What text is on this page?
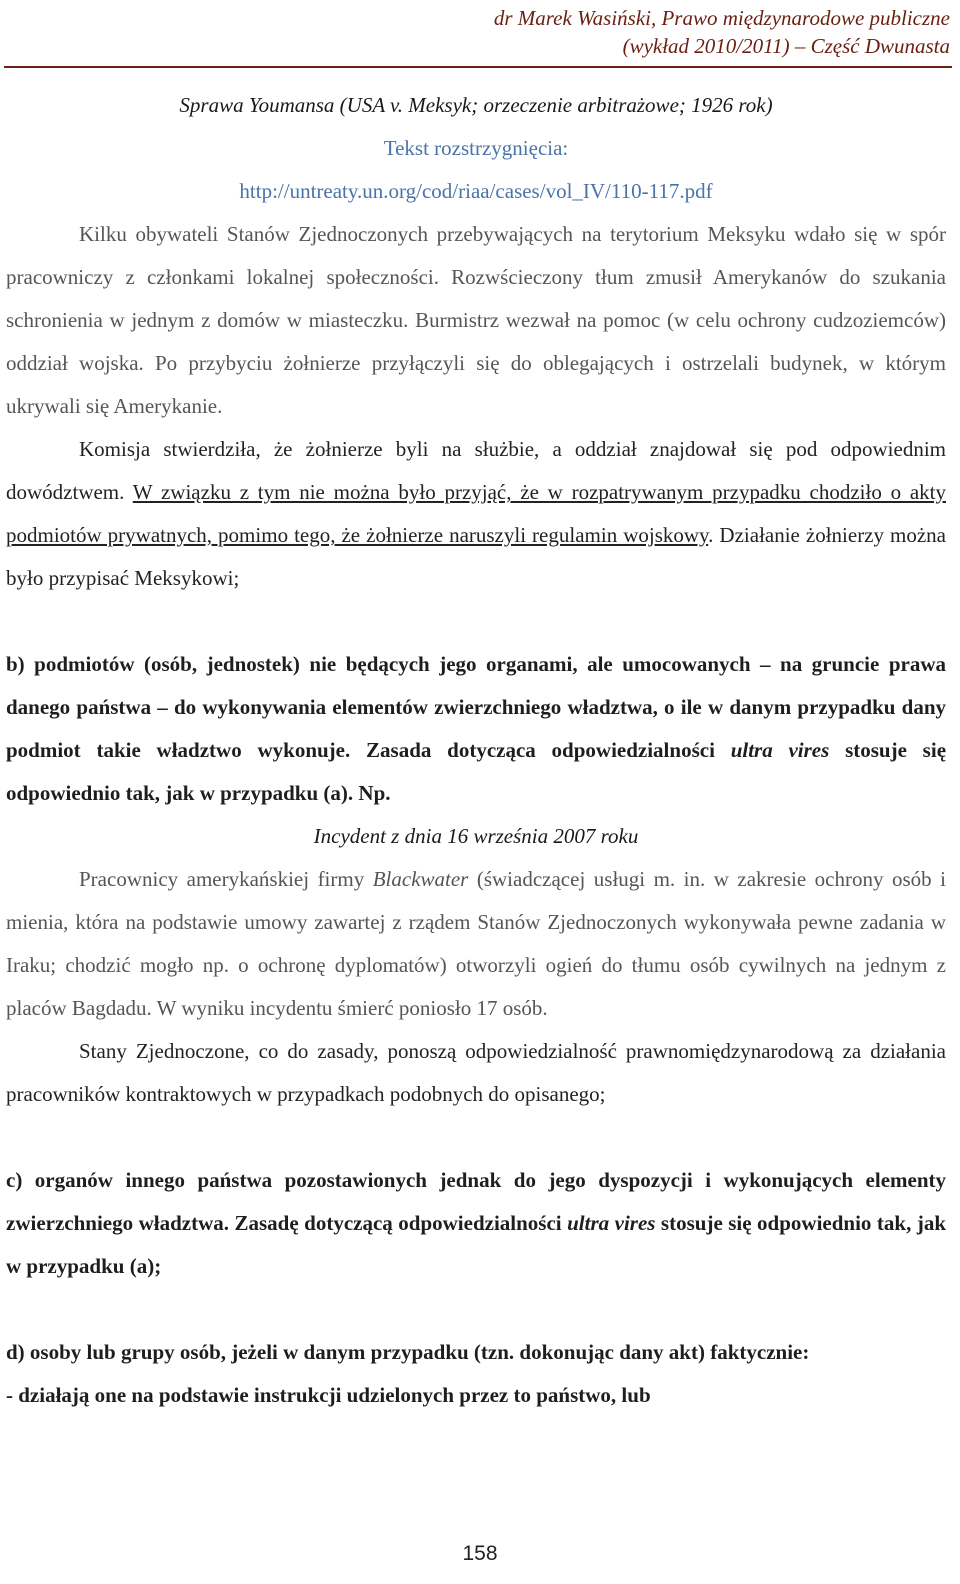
dr Marek Wasiński, Prawo międzynarodowe publiczne
(wykład 2010/2011) – Część Dwunasta
Sprawa Youmansa (USA v. Meksyk; orzeczenie arbitrażowe; 1926 rok)
Tekst rozstrzygnięcia:
http://untreaty.un.org/cod/riaa/cases/vol_IV/110-117.pdf
Kilku obywateli Stanów Zjednoczonych przebywających na terytorium Meksyku wdało się w spór pracowniczy z członkami lokalnej społeczności. Rozwścieczony tłum zmusił Amerykanów do szukania schronienia w jednym z domów w miasteczku. Burmistrz wezwał na pomoc (w celu ochrony cudzoziemców) oddział wojska. Po przybyciu żołnierze przyłączyli się do oblegających i ostrzelali budynek, w którym ukrywali się Amerykanie.
Komisja stwierdziła, że żołnierze byli na służbie, a oddział znajdował się pod odpowiednim dowództwem. W związku z tym nie można było przyjąć, że w rozpatrywanym przypadku chodziło o akty podmiotów prywatnych, pomimo tego, że żołnierze naruszyli regulamin wojskowy. Działanie żołnierzy można było przypisać Meksykowi;
b) podmiotów (osób, jednostek) nie będących jego organami, ale umocowanych – na gruncie prawa danego państwa – do wykonywania elementów zwierzchniego władztwa, o ile w danym przypadku dany podmiot takie władztwo wykonuje. Zasada dotycząca odpowiedzialności ultra vires stosuje się odpowiednio tak, jak w przypadku (a). Np.
Incydent z dnia 16 września 2007 roku
Pracownicy amerykańskiej firmy Blackwater (świadczącej usługi m. in. w zakresie ochrony osób i mienia, która na podstawie umowy zawartej z rządem Stanów Zjednoczonych wykonywała pewne zadania w Iraku; chodzić mogło np. o ochronę dyplomatów) otworzyli ogień do tłumu osób cywilnych na jednym z placów Bagdadu. W wyniku incydentu śmierć poniosło 17 osób.
Stany Zjednoczone, co do zasady, ponoszą odpowiedzialność prawnomiędzynarodową za działania pracowników kontraktowych w przypadkach podobnych do opisanego;
c) organów innego państwa pozostawionych jednak do jego dyspozycji i wykonujących elementy zwierzchniego władztwa. Zasadę dotyczącą odpowiedzialności ultra vires stosuje się odpowiednio tak, jak w przypadku (a);
d) osoby lub grupy osób, jeżeli w danym przypadku (tzn. dokonując dany akt) faktycznie:
- działają one na podstawie instrukcji udzielonych przez to państwo, lub
158
